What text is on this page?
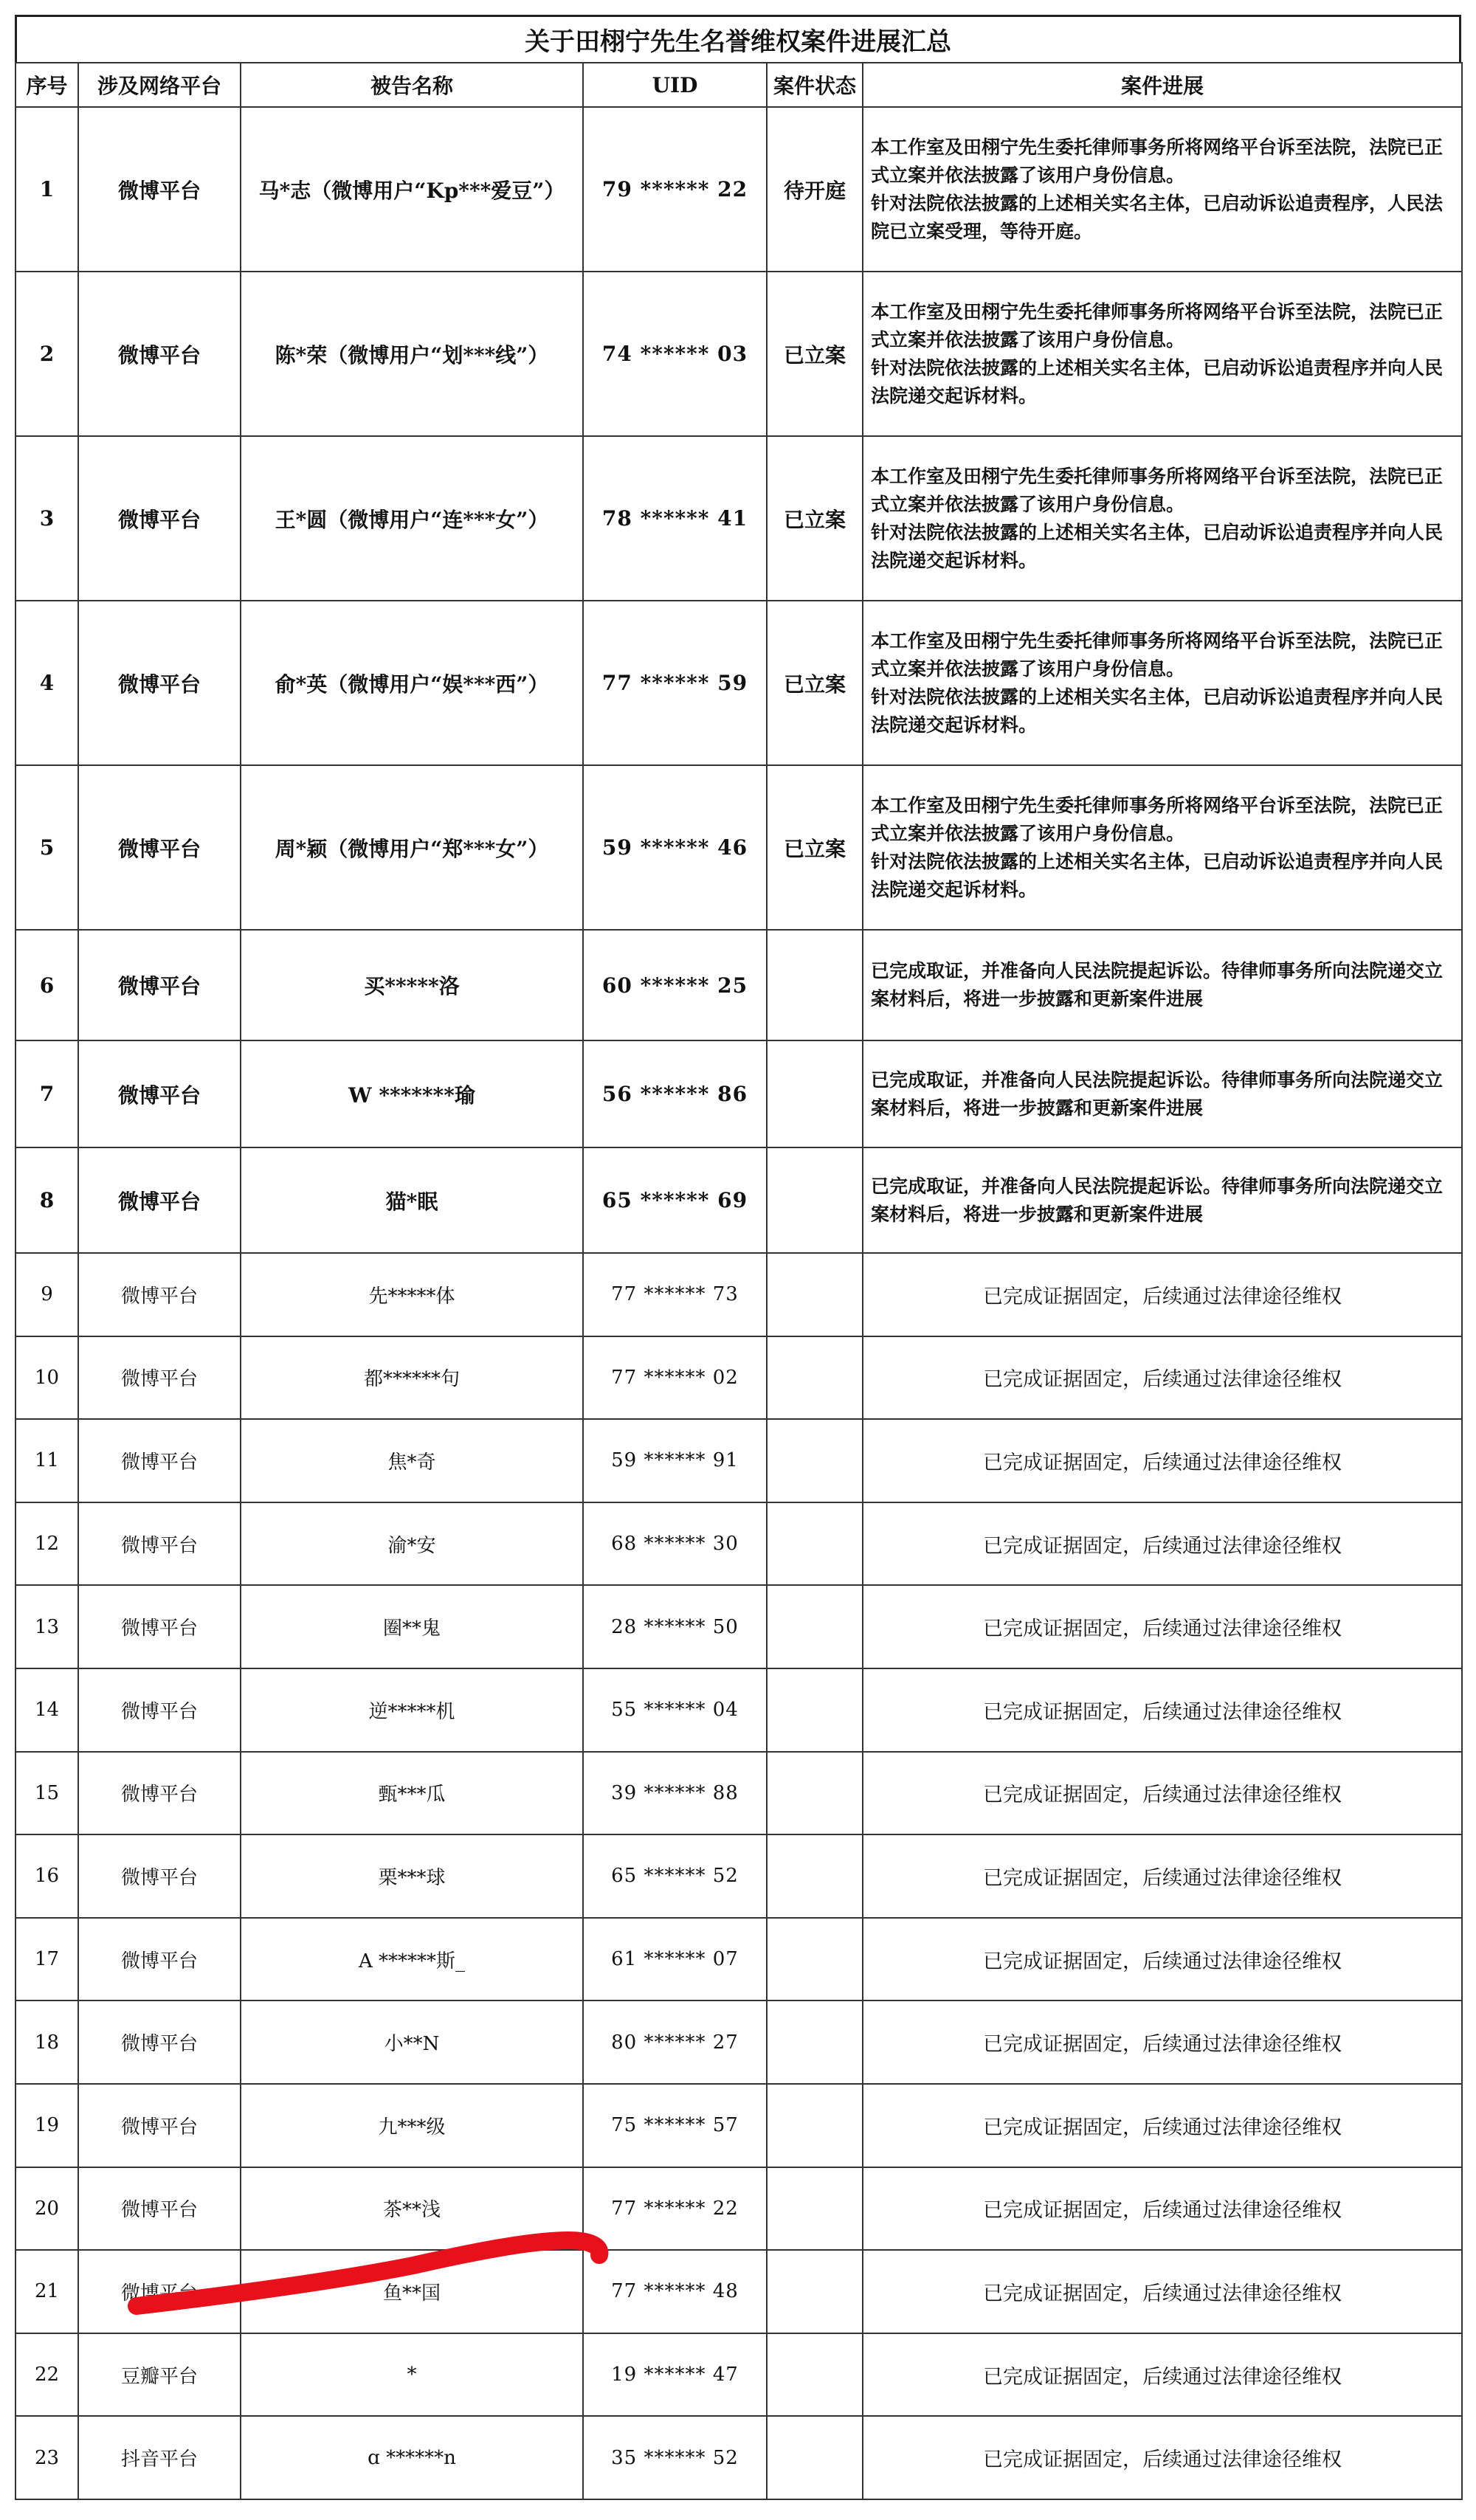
关于田栩宁先生名誉维权案件进展汇总
序号	涉及网络平台	被告名称	UID	案件状态	案件进展
1	微博平台	马*志（微博用户“Kp***爱豆”）	79 ****** 22	待开庭	本工作室及田栩宁先生委托律师事务所将网络平台诉至法院，法院已正式立案并依法披露了该用户身份信息。
针对法院依法披露的上述相关实名主体，已启动诉讼追责程序，人民法院已立案受理，等待开庭。

2	微博平台	陈*荣（微博用户“划***线”）	74 ****** 03	已立案	本工作室及田栩宁先生委托律师事务所将网络平台诉至法院，法院已正式立案并依法披露了该用户身份信息。
针对法院依法披露的上述相关实名主体，已启动诉讼追责程序并向人民法院递交起诉材料。

3	微博平台	王*圆（微博用户“连***女”）	78 ****** 41	已立案	本工作室及田栩宁先生委托律师事务所将网络平台诉至法院，法院已正式立案并依法披露了该用户身份信息。
针对法院依法披露的上述相关实名主体，已启动诉讼追责程序并向人民法院递交起诉材料。

4	微博平台	俞*英（微博用户“娱***西”）	77 ****** 59	已立案	本工作室及田栩宁先生委托律师事务所将网络平台诉至法院，法院已正式立案并依法披露了该用户身份信息。
针对法院依法披露的上述相关实名主体，已启动诉讼追责程序并向人民法院递交起诉材料。

5	微博平台	周*颖（微博用户“郑***女”）	59 ****** 46	已立案	本工作室及田栩宁先生委托律师事务所将网络平台诉至法院，法院已正式立案并依法披露了该用户身份信息。
针对法院依法披露的上述相关实名主体，已启动诉讼追责程序并向人民法院递交起诉材料。

6	微博平台	买*****洛	60 ****** 25		已完成取证，并准备向人民法院提起诉讼。待律师事务所向法院递交立案材料后，将进一步披露和更新案件进展

7	微博平台	W *******瑜	56 ****** 86		已完成取证，并准备向人民法院提起诉讼。待律师事务所向法院递交立案材料后，将进一步披露和更新案件进展

8	微博平台	猫*眠	65 ****** 69		已完成取证，并准备向人民法院提起诉讼。待律师事务所向法院递交立案材料后，将进一步披露和更新案件进展

9	微博平台	先*****体	77 ****** 73		已完成证据固定，后续通过法律途径维权

10	微博平台	都******句	77 ****** 02		已完成证据固定，后续通过法律途径维权

11	微博平台	焦*奇	59 ****** 91		已完成证据固定，后续通过法律途径维权

12	微博平台	渝*安	68 ****** 30		已完成证据固定，后续通过法律途径维权

13	微博平台	圈**鬼	28 ****** 50		已完成证据固定，后续通过法律途径维权

14	微博平台	逆*****机	55 ****** 04		已完成证据固定，后续通过法律途径维权

15	微博平台	甄***瓜	39 ****** 88		已完成证据固定，后续通过法律途径维权

16	微博平台	栗***球	65 ****** 52		已完成证据固定，后续通过法律途径维权

17	微博平台	A ******斯_	61 ****** 07		已完成证据固定，后续通过法律途径维权

18	微博平台	小**N	80 ****** 27		已完成证据固定，后续通过法律途径维权

19	微博平台	九***级	75 ****** 57		已完成证据固定，后续通过法律途径维权

20	微博平台	茶**浅	77 ****** 22		已完成证据固定，后续通过法律途径维权

21	微博平台	鱼**国	77 ****** 48		已完成证据固定，后续通过法律途径维权

22	豆瓣平台	*	19 ****** 47		已完成证据固定，后续通过法律途径维权

23	抖音平台	ɑ ******n	35 ****** 52		已完成证据固定，后续通过法律途径维权
